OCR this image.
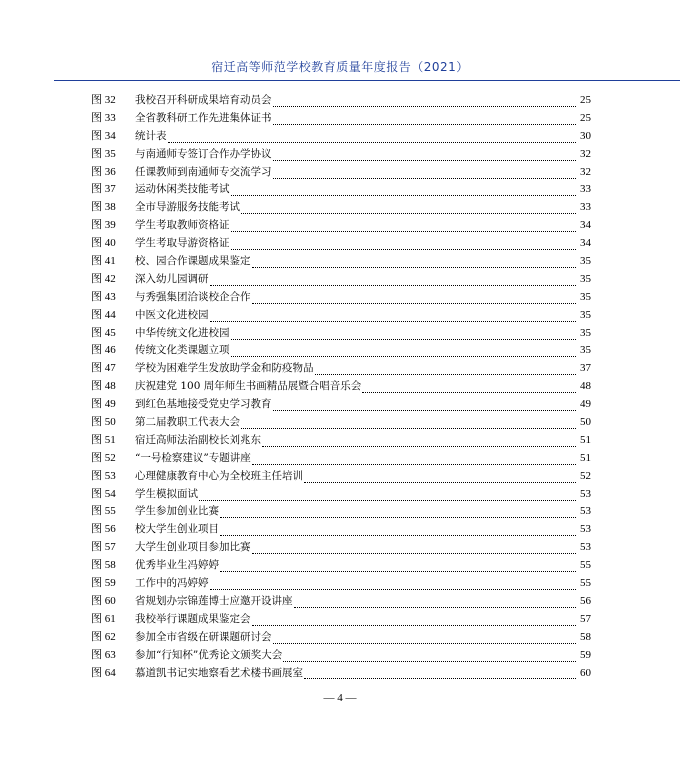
宿迁高等师范学校教育质量年度报告（2021）
图 32	我校召开科研成果培育动员会	25
图 33	全省教科研工作先进集体证书	25
图 34	统计表	30
图 35	与南通师专签订合作办学协议	32
图 36	任课教师到南通师专交流学习	32
图 37	运动休闲类技能考试	33
图 38	全市导游服务技能考试	33
图 39	学生考取教师资格证	34
图 40	学生考取导游资格证	34
图 41	校、园合作课题成果鉴定	35
图 42	深入幼儿园调研	35
图 43	与秀强集团洽谈校企合作	35
图 44	中医文化进校园	35
图 45	中华传统文化进校园	35
图 46	传统文化类课题立项	35
图 47	学校为困难学生发放助学金和防疫物品	37
图 48	庆祝建党 100 周年师生书画精品展暨合唱音乐会	48
图 49	到红色基地接受党史学习教育	49
图 50	第二届教职工代表大会	50
图 51	宿迁高师法治副校长刘兆东	51
图 52	“一号检察建议”专题讲座	51
图 53	心理健康教育中心为全校班主任培训	52
图 54	学生模拟面试	53
图 55	学生参加创业比赛	53
图 56	校大学生创业项目	53
图 57	大学生创业项目参加比赛	53
图 58	优秀毕业生冯婷婷	55
图 59	工作中的冯婷婷	55
图 60	省规划办宗锦莲博士应邀开设讲座	56
图 61	我校举行课题成果鉴定会	57
图 62	参加全市省级在研课题研讨会	58
图 63	参加“行知杯”优秀论文颁奖大会	59
图 64	慕道凯书记实地察看艺术楼书画展室	60
— 4 —
